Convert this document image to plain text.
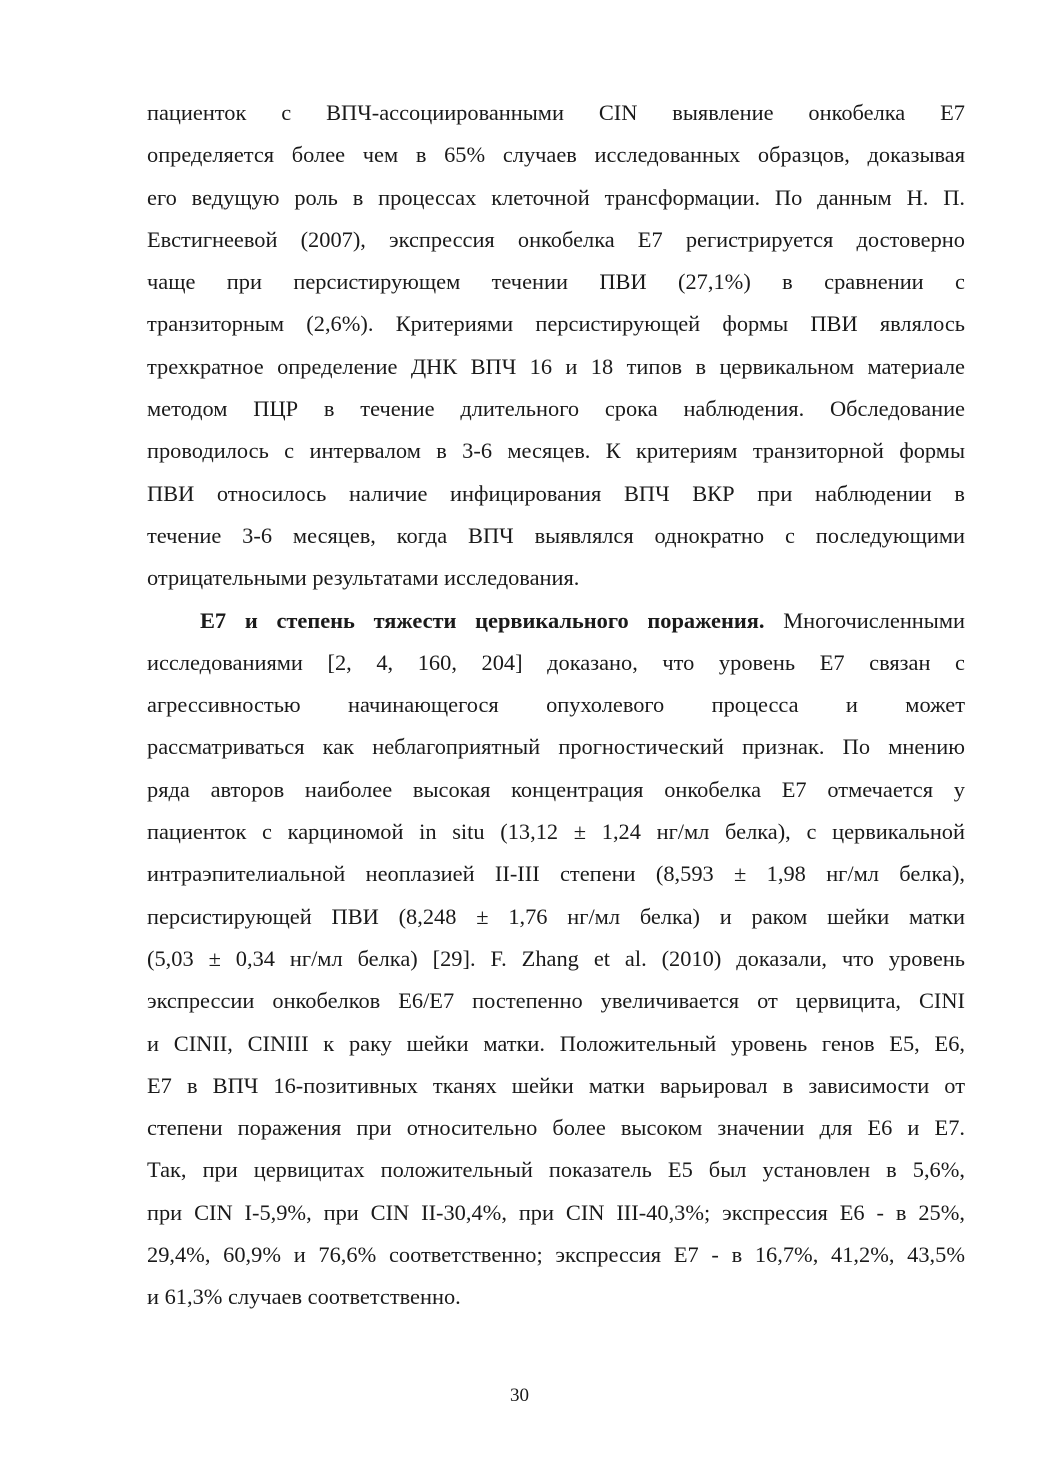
пациенток с ВПЧ-ассоциированными CIN выявление онкобелка Е7
определяется более чем в 65% случаев исследованных образцов, доказывая
его ведущую роль в процессах клеточной трансформации. По данным Н. П.
Евстигнеевой (2007), экспрессия онкобелка Е7 регистрируется достоверно
чаще при персистирующем течении ПВИ (27,1%) в сравнении с
транзиторным (2,6%). Критериями персистирующей формы ПВИ являлось
трехкратное определение ДНК ВПЧ 16 и 18 типов в цервикальном материале
методом ПЦР в течение длительного срока наблюдения. Обследование
проводилось с интервалом в 3-6 месяцев. К критериям транзиторной формы
ПВИ относилось наличие инфицирования ВПЧ ВКР при наблюдении в
течение 3-6 месяцев, когда ВПЧ выявлялся однократно с последующими
отрицательными результатами исследования.
Е7 и степень тяжести цервикального поражения. Многочисленными
исследованиями [2, 4, 160, 204] доказано, что уровень Е7 связан с
агрессивностью начинающегося опухолевого процесса и может
рассматриваться как неблагоприятный прогностический признак. По мнению
ряда авторов наиболее высокая концентрация онкобелка Е7 отмечается у
пациенток с карциномой in situ (13,12 ± 1,24 нг/мл белка), с цервикальной
интраэпителиальной неоплазией II-III степени (8,593 ± 1,98 нг/мл белка),
персистирующей ПВИ (8,248 ± 1,76 нг/мл белка) и раком шейки матки
(5,03 ± 0,34 нг/мл белка) [29]. F. Zhang et al. (2010) доказали, что уровень
экспрессии онкобелков Е6/Е7 постепенно увеличивается от цервицита, CINI
и CINII, CINIII к раку шейки матки. Положительный уровень генов Е5, Е6,
Е7 в ВПЧ 16-позитивных тканях шейки матки варьировал в зависимости от
степени поражения при относительно более высоком значении для Е6 и Е7.
Так, при цервицитах положительный показатель Е5 был установлен в 5,6%,
при CIN I-5,9%, при CIN II-30,4%, при CIN III-40,3%; экспрессия Е6 - в 25%,
29,4%, 60,9% и 76,6% соответственно; экспрессия Е7 - в 16,7%, 41,2%, 43,5%
и 61,3% случаев соответственно.
30
